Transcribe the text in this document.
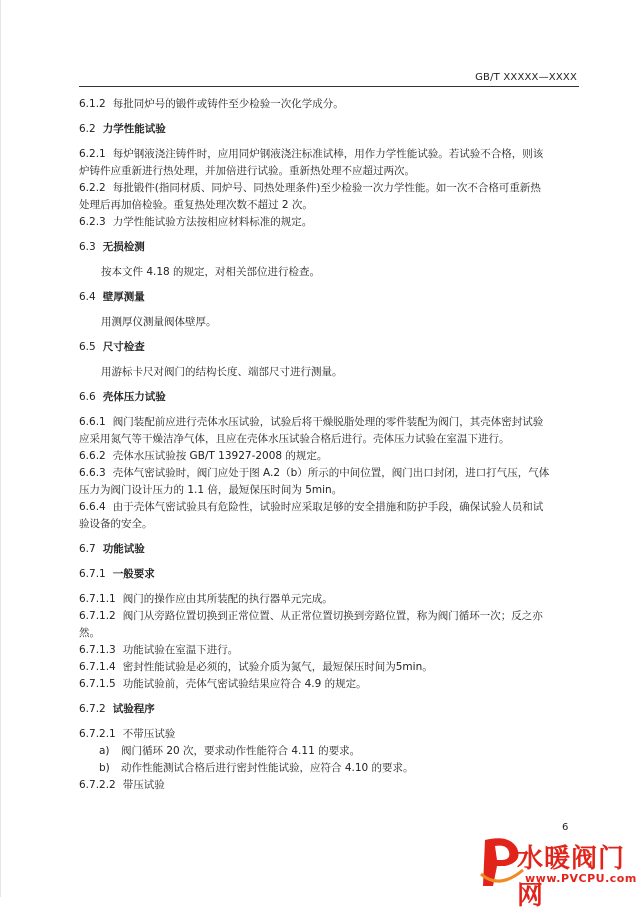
GB/T XXXXX—XXXX

6.1.2 每批同炉号的锻件或铸件至少检验一次化学成分。

6.2 力学性能试验

6.2.1 每炉钢液浇注铸件时，应用同炉钢液浇注标准试棒，用作力学性能试验。若试验不合格，则该
炉铸件应重新进行热处理，并加倍进行试验。重新热处理不应超过两次。

6.2.2 每批锻件(指同材质、同炉号、同热处理条件)至少检验一次力学性能。如一次不合格可重新热
处理后再加倍检验。重复热处理次数不超过 2 次。

6.2.3 力学性能试验方法按相应材料标准的规定。

6.3 无损检测

按本文件 4.18 的规定，对相关部位进行检查。

6.4 壁厚测量

用测厚仪测量阀体壁厚。

6.5 尺寸检查

用游标卡尺对阀门的结构长度、端部尺寸进行测量。

6.6 壳体压力试验

6.6.1 阀门装配前应进行壳体水压试验，试验后将干燥脱脂处理的零件装配为阀门，其壳体密封试验
应采用氮气等干燥洁净气体，且应在壳体水压试验合格后进行。壳体压力试验在室温下进行。

6.6.2 壳体水压试验按 GB/T 13927-2008 的规定。

6.6.3 壳体气密试验时，阀门应处于图 A.2（b）所示的中间位置，阀门出口封闭，进口打气压，气体
压力为阀门设计压力的 1.1 倍，最短保压时间为 5min。

6.6.4 由于壳体气密试验具有危险性，试验时应采取足够的安全措施和防护手段，确保试验人员和试
验设备的安全。

6.7 功能试验

6.7.1 一般要求

6.7.1.1 阀门的操作应由其所装配的执行器单元完成。

6.7.1.2 阀门从旁路位置切换到正常位置、从正常位置切换到旁路位置，称为阀门循环一次；反之亦
然。

6.7.1.3 功能试验在室温下进行。

6.7.1.4 密封性能试验是必须的，试验介质为氮气，最短保压时间为5min。

6.7.1.5 功能试验前，壳体气密试验结果应符合 4.9 的规定。

6.7.2 试验程序

6.7.2.1 不带压试验

a) 阀门循环 20 次，要求动作性能符合 4.11 的要求。

b) 动作性能测试合格后进行密封性能试验，应符合 4.10 的要求。

6.7.2.2 带压试验

6
水暖阀门网
www.PVCPU.com
